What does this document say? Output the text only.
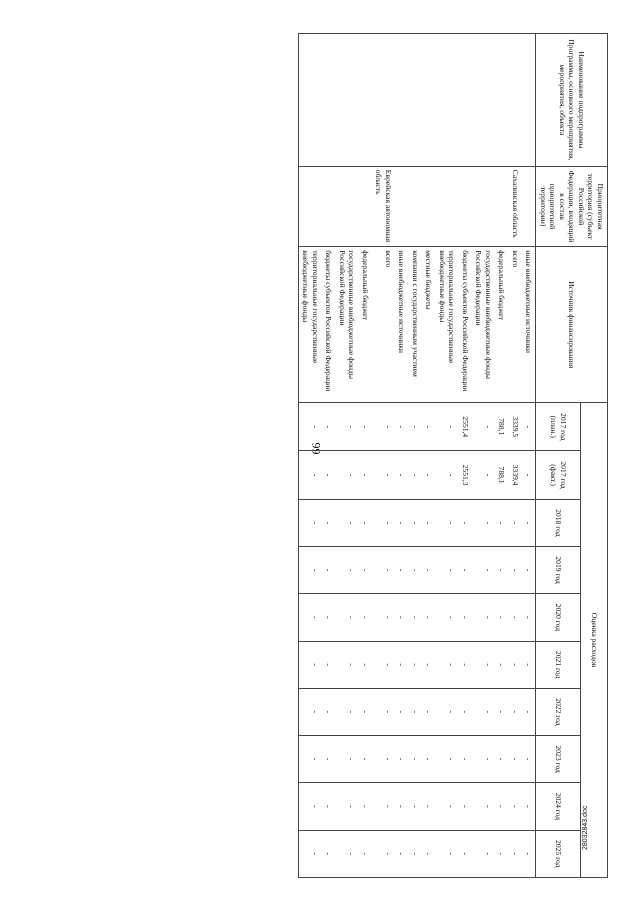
99
28032843.doc
Наименование подпрограммы Программы, основного мероприятия, мероприятия, объекта	Приоритетная территория (субъект Российской Федерации, входящий в состав приоритетной территории)	Источник финансирования	Оценка расходов									
			2017 год (план.)	2017 год (факт.)	2018 год	2019 год	2020 год	2021 год	2022 год	2023 год	2024 год	2025 год
		иные внебюджетные источники	-	-	-	-	-	-	-	-	-	-
	Сахалинская область	всего	3339,5	3339,4	-	-	-	-	-	-	-	-
		федеральный бюджет	788,1	788,1	-	-	-	-	-	-	-	-
		государственные внебюджетные фонды Российской Федерации	-	-	-	-	-	-	-	-	-	-
		бюджеты субъектов Российской Федерации	2551,4	2551,3	-	-	-	-	-	-	-	-
		территориальные государственные внебюджетные фонды	-	-	-	-	-	-	-	-	-	-
		местные бюджеты	-	-	-	-	-	-	-	-	-	-
		компании с государственным участием	-	-	-	-	-	-	-	-	-	-
		иные внебюджетные источники	-	-	-	-	-	-	-	-	-	-
	Еврейская автономная область	всего	-	-	-	-	-	-	-	-	-	-
		федеральный бюджет	-	-	-	-	-	-	-	-	-	-
		государственные внебюджетные фонды Российской Федерации	-	-	-	-	-	-	-	-	-	-
		бюджеты субъектов Российской Федерации	-	-	-	-	-	-	-	-	-	-
		территориальные государственные внебюджетные фонды	-	-	-	-	-	-	-	-	-	-
